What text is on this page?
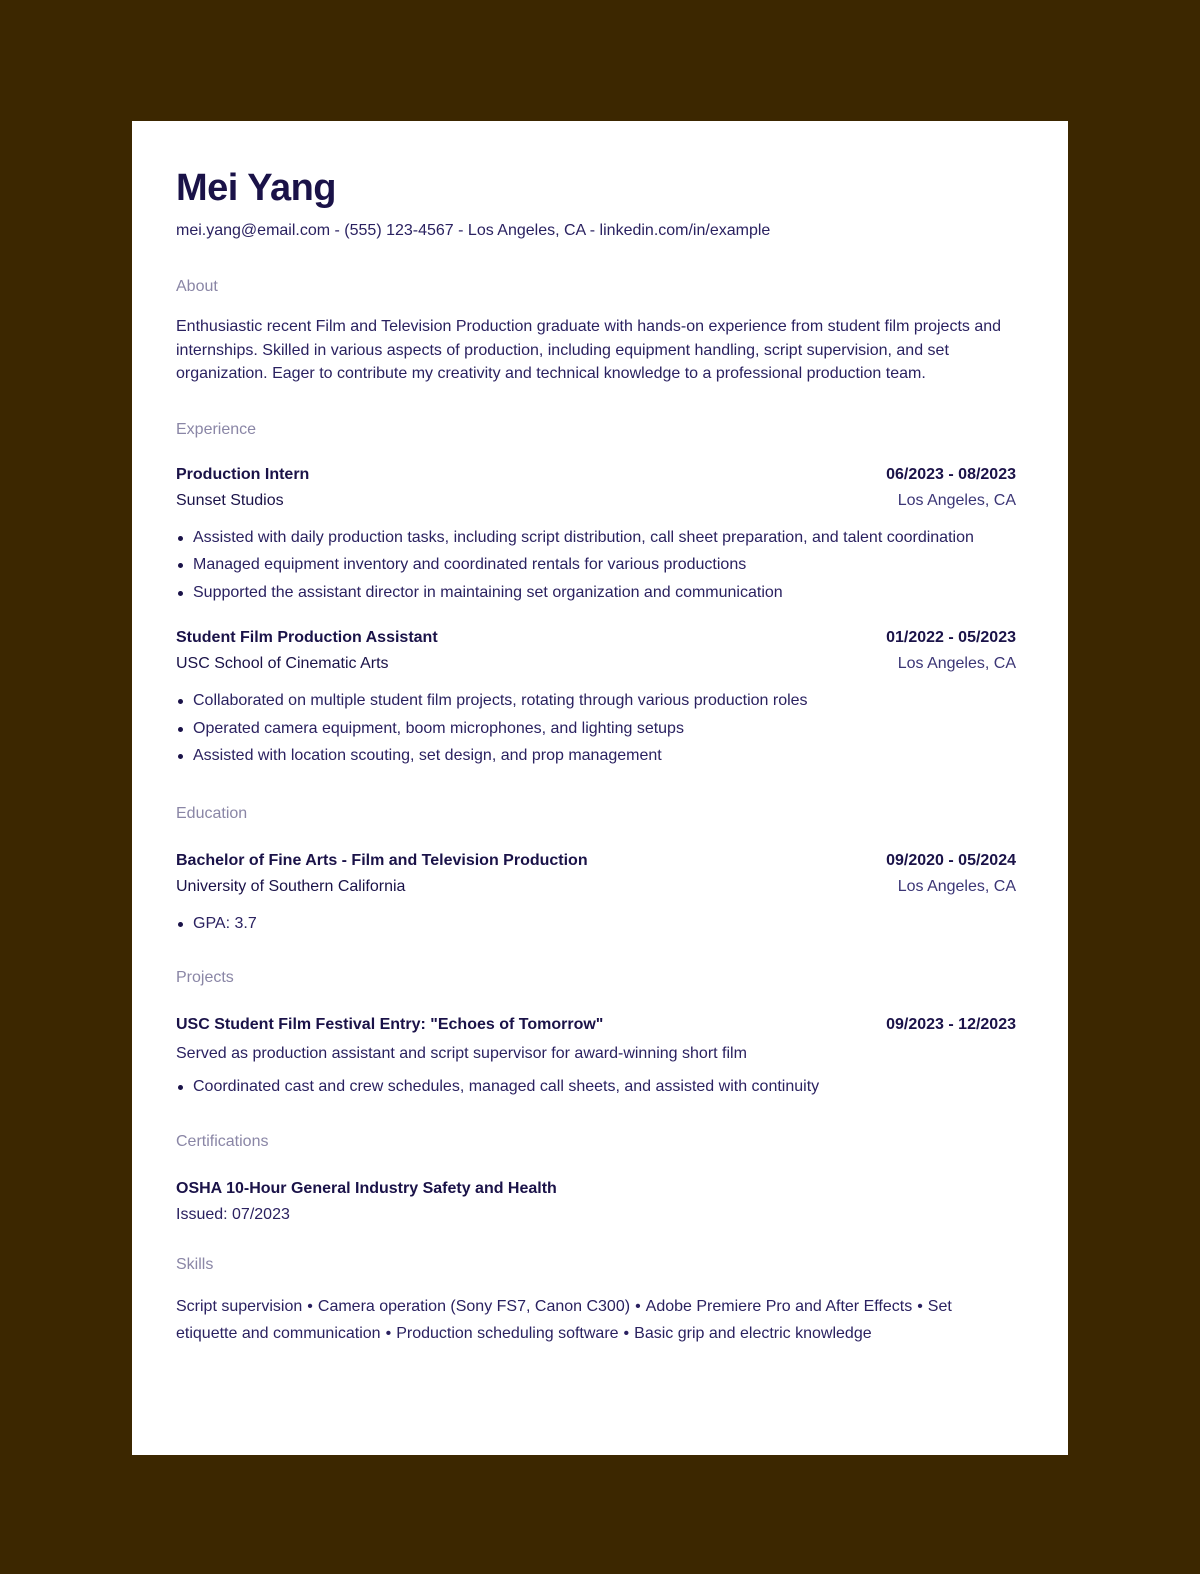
Mei Yang
mei.yang@email.com - (555) 123-4567 - Los Angeles, CA - linkedin.com/in/example
About
Enthusiastic recent Film and Television Production graduate with hands-on experience from student film projects and internships. Skilled in various aspects of production, including equipment handling, script supervision, and set organization. Eager to contribute my creativity and technical knowledge to a professional production team.
Experience
Production Intern	06/2023 - 08/2023
Sunset Studios	Los Angeles, CA
Assisted with daily production tasks, including script distribution, call sheet preparation, and talent coordination
Managed equipment inventory and coordinated rentals for various productions
Supported the assistant director in maintaining set organization and communication
Student Film Production Assistant	01/2022 - 05/2023
USC School of Cinematic Arts	Los Angeles, CA
Collaborated on multiple student film projects, rotating through various production roles
Operated camera equipment, boom microphones, and lighting setups
Assisted with location scouting, set design, and prop management
Education
Bachelor of Fine Arts - Film and Television Production	09/2020 - 05/2024
University of Southern California	Los Angeles, CA
GPA: 3.7
Projects
USC Student Film Festival Entry: "Echoes of Tomorrow"	09/2023 - 12/2023
Served as production assistant and script supervisor for award-winning short film
Coordinated cast and crew schedules, managed call sheets, and assisted with continuity
Certifications
OSHA 10-Hour General Industry Safety and Health
Issued: 07/2023
Skills
Script supervision • Camera operation (Sony FS7, Canon C300) • Adobe Premiere Pro and After Effects • Set etiquette and communication • Production scheduling software • Basic grip and electric knowledge
